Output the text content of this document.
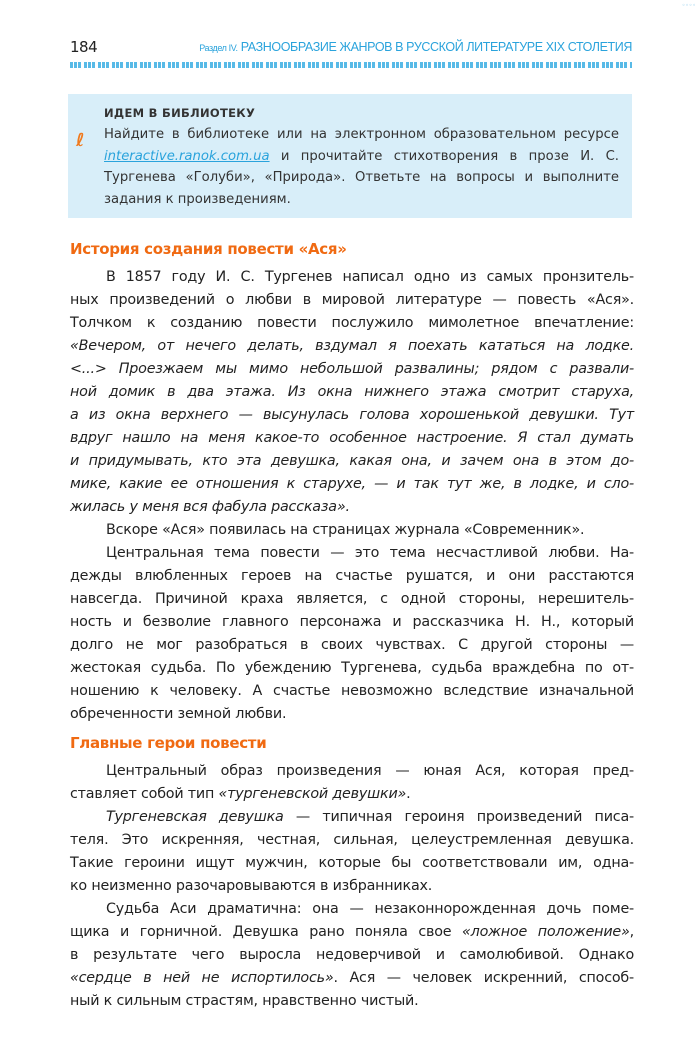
◦◦◦◦
184	Раздел IV. РАЗНООБРАЗИЕ ЖАНРОВ В РУССКОЙ ЛИТЕРАТУРЕ XIX СТОЛЕТИЯ
ИДЕМ В БИБЛИОТЕКУ
ℓ Найдите в библиотеке или на электронном образовательном ресурсе interactive.ranok.com.ua и прочитайте стихотворения в прозе И. С. Тургенева «Голуби», «Природа». Ответьте на вопросы и выполните задания к произведениям.
История создания повести «Ася»
В 1857 году И. С. Тургенев написал одно из самых пронзитель-
ных произведений о любви в мировой литературе — повесть «Ася».
Толчком к созданию повести послужило мимолетное впечатление:
«Вечером, от нечего делать, вздумал я поехать кататься на лодке.
<...> Проезжаем мы мимо небольшой развалины; рядом с развали-
ной домик в два этажа. Из окна нижнего этажа смотрит старуха,
а из окна верхнего — высунулась голова хорошенькой девушки. Тут
вдруг нашло на меня какое-то особенное настроение. Я стал думать
и придумывать, кто эта девушка, какая она, и зачем она в этом до-
мике, какие ее отношения к старухе, — и так тут же, в лодке, и сло-
жилась у меня вся фабула рассказа».
Вскоре «Ася» появилась на страницах журнала «Современник».
Центральная тема повести — это тема несчастливой любви. На-
дежды влюбленных героев на счастье рушатся, и они расстаются
навсегда. Причиной краха является, с одной стороны, нерешитель-
ность и безволие главного персонажа и рассказчика Н. Н., который
долго не мог разобраться в своих чувствах. С другой стороны —
жестокая судьба. По убеждению Тургенева, судьба враждебна по от-
ношению к человеку. А счастье невозможно вследствие изначальной
обреченности земной любви.
Главные герои повести
Центральный образ произведения — юная Ася, которая пред-
ставляет собой тип «тургеневской девушки».
Тургеневская девушка — типичная героиня произведений писа-
теля. Это искренняя, честная, сильная, целеустремленная девушка.
Такие героини ищут мужчин, которые бы соответствовали им, одна-
ко неизменно разочаровываются в избранниках.
Судьба Аси драматична: она — незаконнорожденная дочь поме-
щика и горничной. Девушка рано поняла свое «ложное положение»,
в результате чего выросла недоверчивой и самолюбивой. Однако
«сердце в ней не испортилось». Ася — человек искренний, способ-
ный к сильным страстям, нравственно чистый.
